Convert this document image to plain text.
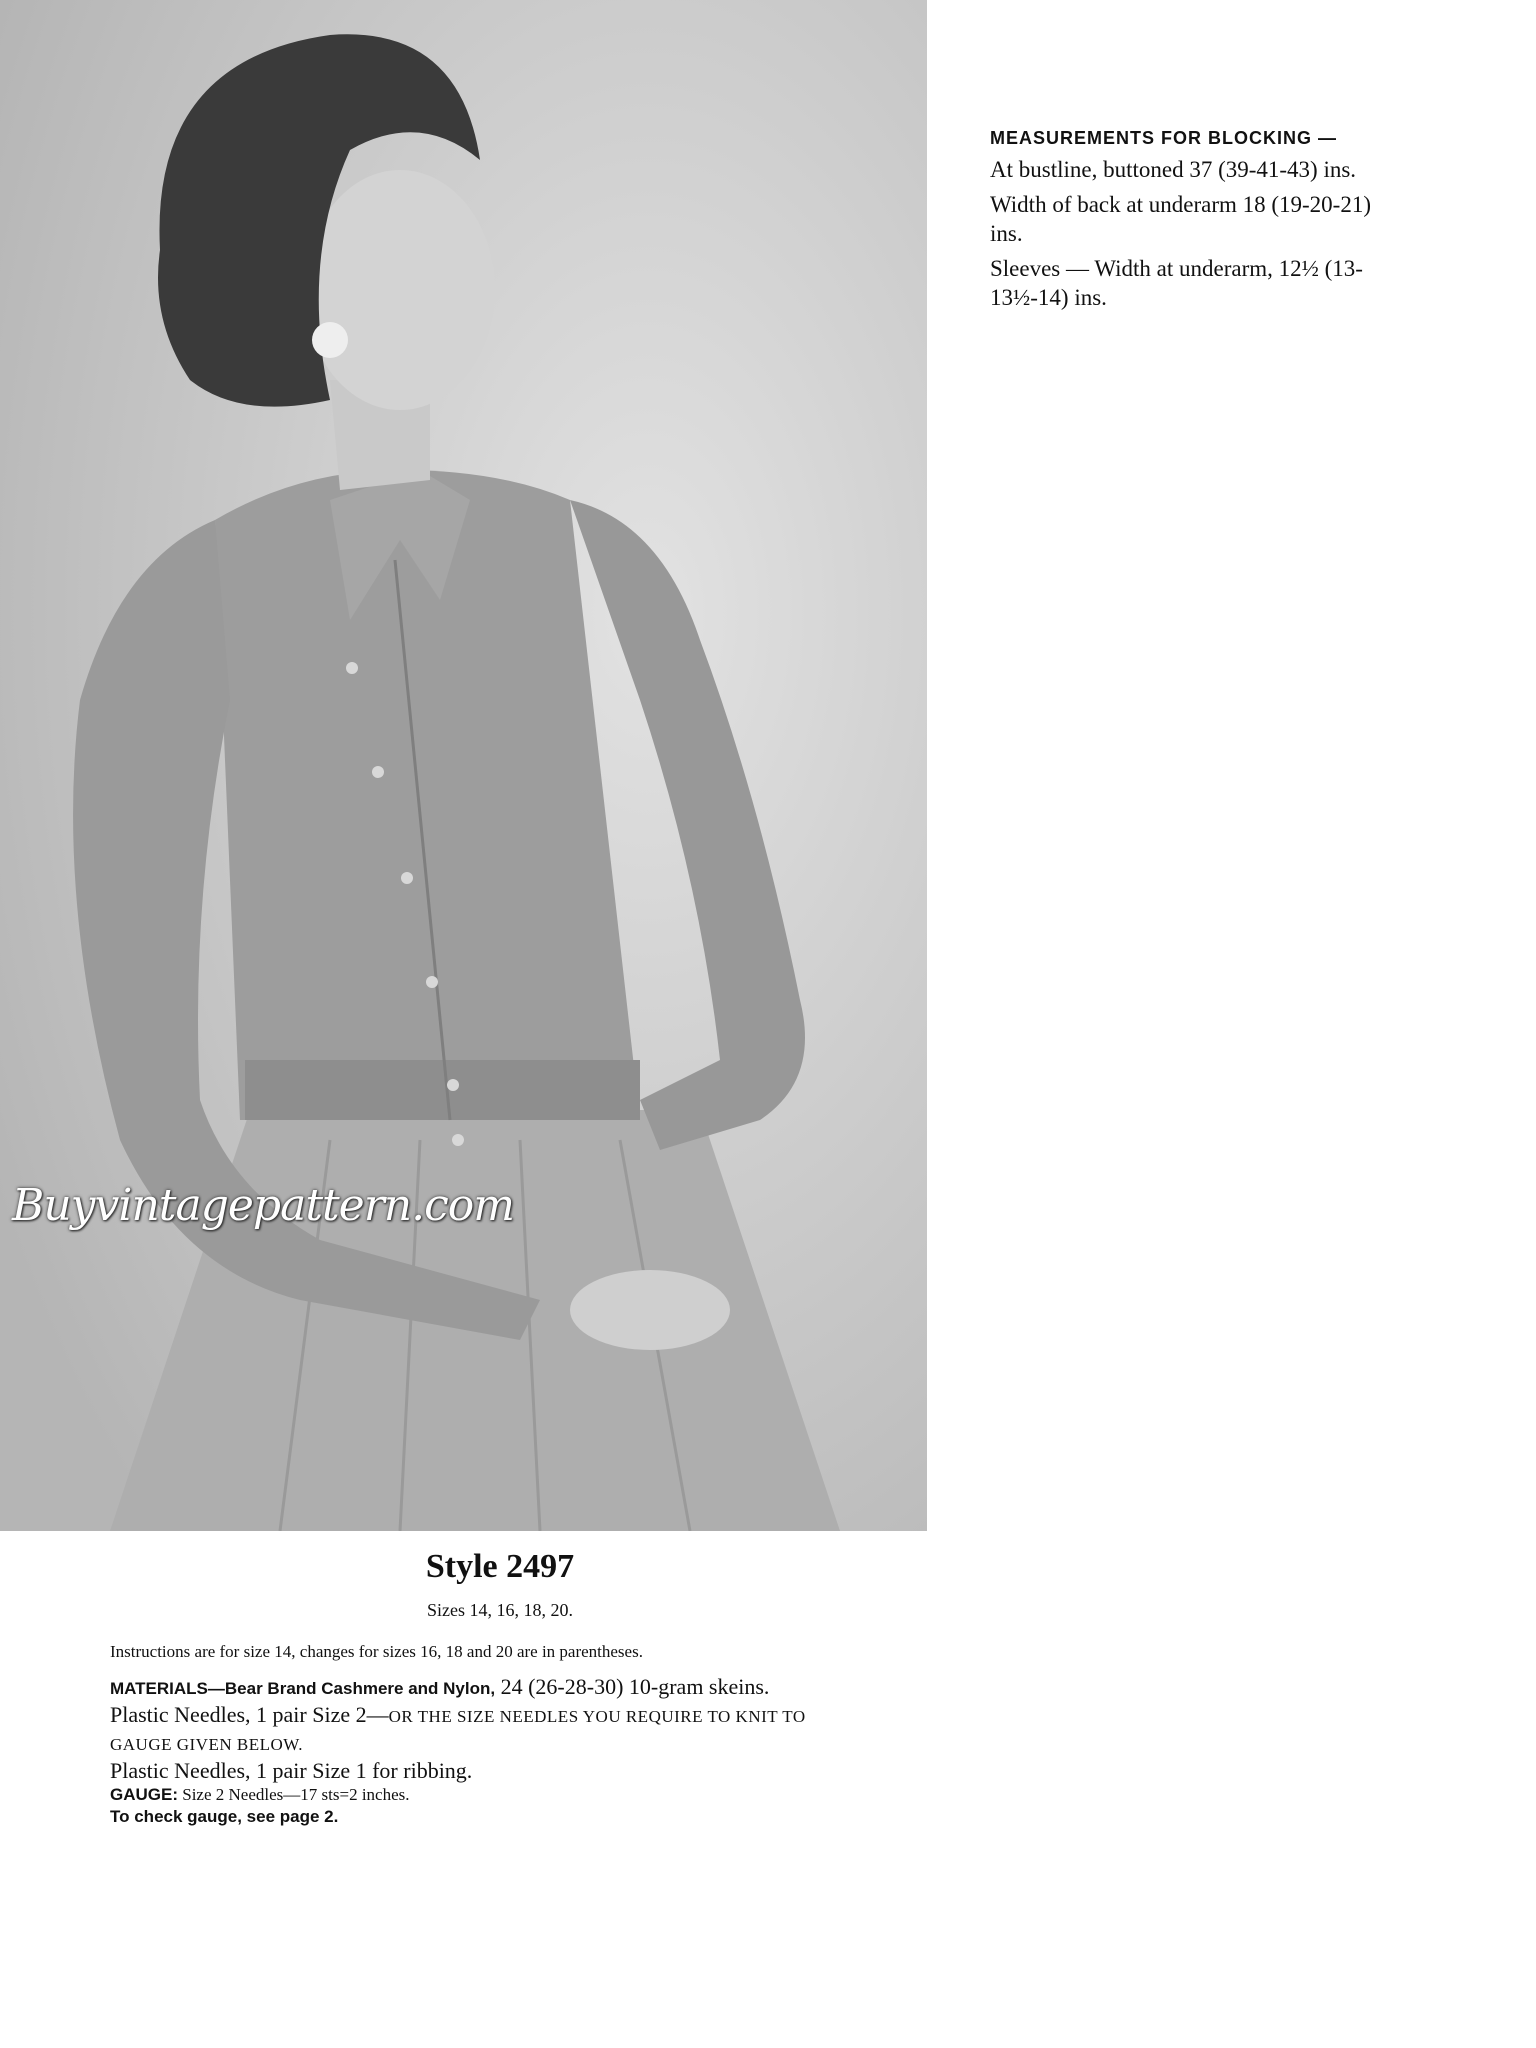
Buyvintagepattern.com
MEASUREMENTS FOR BLOCKING —

At bustline, buttoned 37 (39-41-43) ins.

Width of back at underarm 18 (19-20-21) ins.

Sleeves — Width at underarm, 12½ (13-13½-14) ins.

Style 2497
Sizes 14, 16, 18, 20.

Instructions are for size 14, changes for sizes 16, 18 and 20 are in parentheses.

MATERIALS—Bear Brand Cashmere and Nylon, 24 (26-28-30) 10-gram skeins.

Plastic Needles, 1 pair Size 2—OR THE SIZE NEEDLES YOU REQUIRE TO KNIT TO GAUGE GIVEN BELOW.

Plastic Needles, 1 pair Size 1 for ribbing.

GAUGE: Size 2 Needles—17 sts=2 inches.

To check gauge, see page 2.
